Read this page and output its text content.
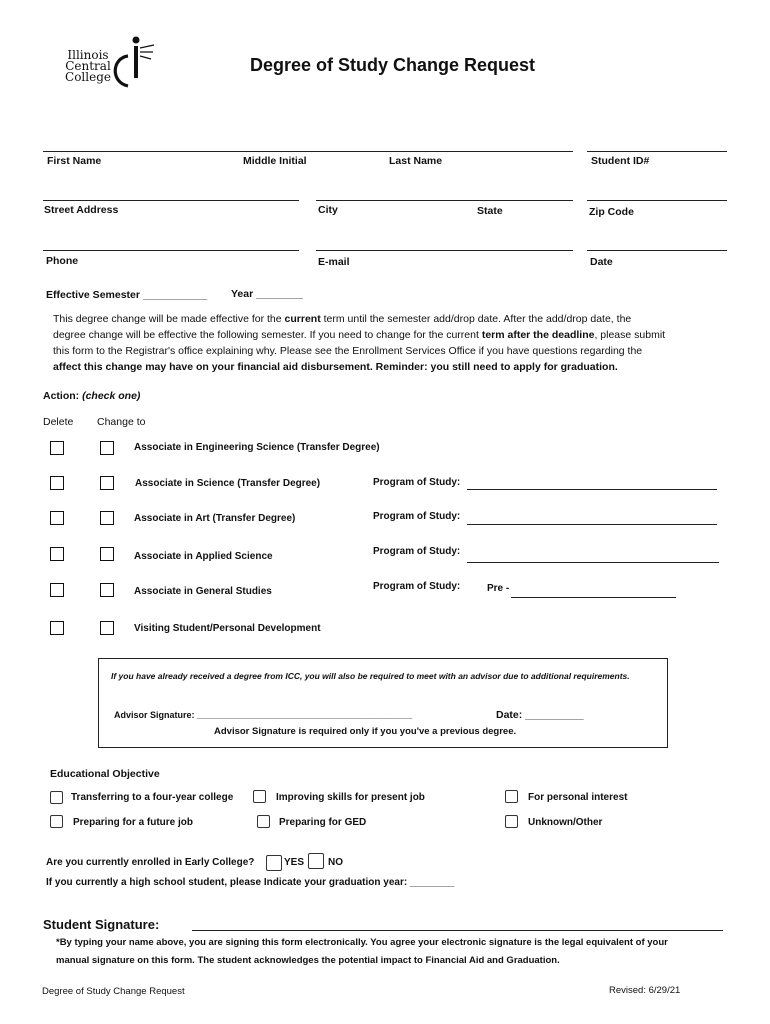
Illinois Central College
Degree of Study Change Request
First Name	Middle Initial	Last Name	Student ID#
Street Address	City	State	Zip Code
Phone	E-mail	Date
Effective Semester ___________ Year ________
This degree change will be made effective for the current term until the semester add/drop date. After the add/drop date, the
degree change will be effective the following semester. If you need to change for the current term after the deadline, please submit
this form to the Registrar's office explaining why. Please see the Enrollment Services Office if you have questions regarding the
affect this change may have on your financial aid disbursement. Reminder: you still need to apply for graduation.
Action: (check one)
Delete Change to
Associate in Engineering Science (Transfer Degree)
Associate in Science (Transfer Degree)	Program of Study:
Associate in Art (Transfer Degree)	Program of Study:
Associate in Applied Science	Program of Study:
Associate in General Studies	Program of Study:	Pre -
Visiting Student/Personal Development
If you have already received a degree from ICC, you will also be required to meet with an advisor due to additional requirements.
Advisor Signature: ___________________________________________	Date: __________
Advisor Signature is required only if you you've a previous degree.
Educational Objective
Transferring to a four-year college	Improving skills for present job	For personal interest
Preparing for a future job	Preparing for GED	Unknown/Other
Are you currently enrolled in Early College?	YES NO
If you currently a high school student, please Indicate your graduation year: ________
Student Signature:
*By typing your name above, you are signing this form electronically. You agree your electronic signature is the legal equivalent of your
manual signature on this form. The student acknowledges the potential impact to Financial Aid and Graduation.
Degree of Study Change Request	Revised: 6/29/21
